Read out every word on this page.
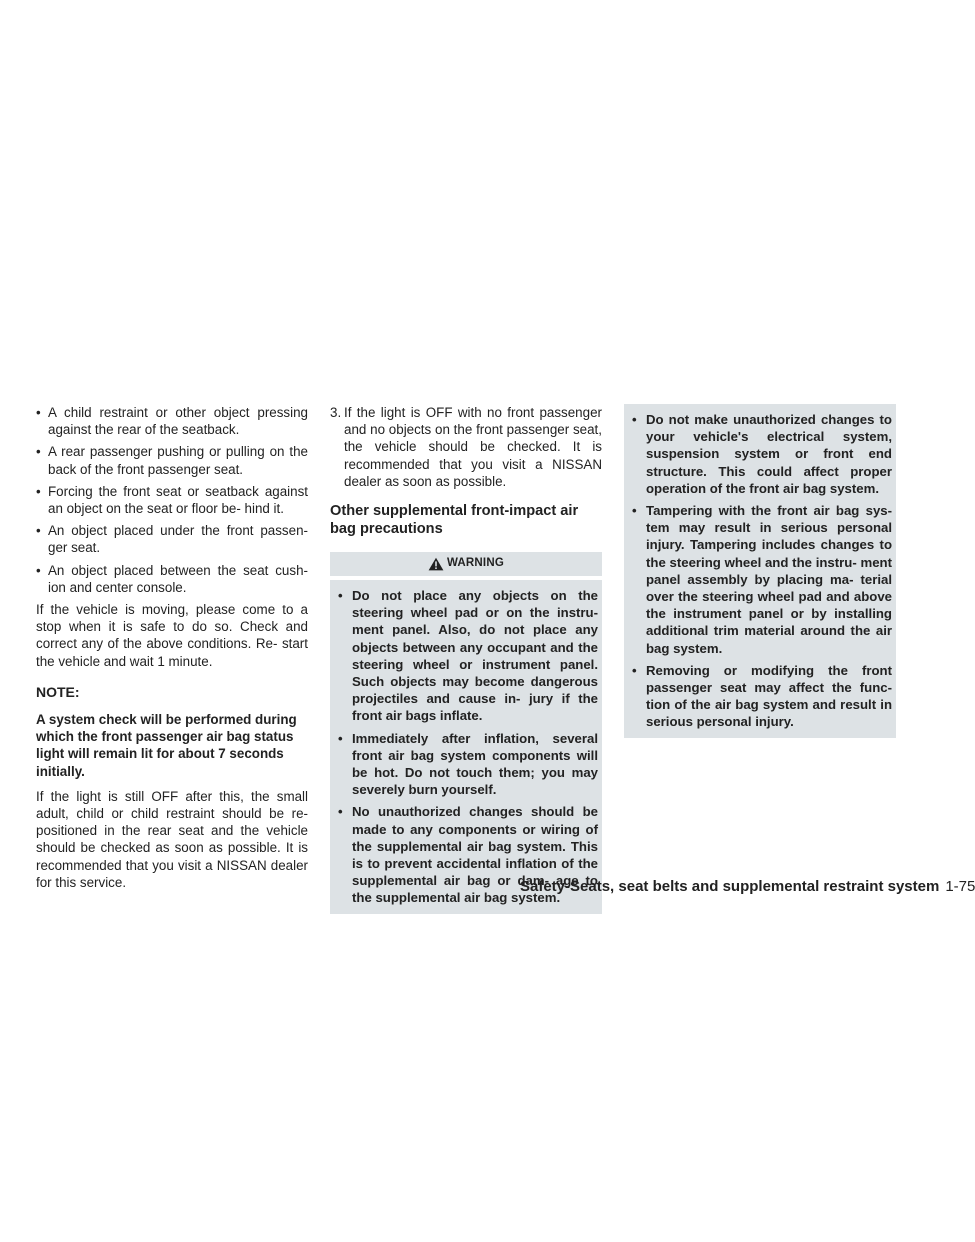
• A child restraint or other object pressing against the rear of the seatback.
• A rear passenger pushing or pulling on the back of the front passenger seat.
• Forcing the front seat or seatback against an object on the seat or floor be- hind it.
• An object placed under the front passen- ger seat.
• An object placed between the seat cush- ion and center console.

If the vehicle is moving, please come to a stop when it is safe to do so. Check and correct any of the above conditions. Re- start the vehicle and wait 1 minute.

NOTE:

A system check will be performed during which the front passenger air bag status light will remain lit for about 7 seconds initially.

If the light is still OFF after this, the small adult, child or child restraint should be re- positioned in the rear seat and the vehicle should be checked as soon as possible. It is recommended that you visit a NISSAN dealer for this service.

3. If the light is OFF with no front passenger and no objects on the front passenger seat, the vehicle should be checked. It is recommended that you visit a NISSAN dealer as soon as possible.
Other supplemental front-impact air bag precautions
WARNING
• Do not place any objects on the steering wheel pad or on the instru- ment panel. Also, do not place any objects between any occupant and the steering wheel or instrument panel. Such objects may become dangerous projectiles and cause in- jury if the front air bags inflate.
• Immediately after inflation, several front air bag system components will be hot. Do not touch them; you may severely burn yourself.
• No unauthorized changes should be made to any components or wiring of the supplemental air bag system. This is to prevent accidental inflation of the supplemental air bag or dam- age to the supplemental air bag system.
• Do not make unauthorized changes to your vehicle's electrical system, suspension system or front end structure. This could affect proper operation of the front air bag system.
• Tampering with the front air bag sys- tem may result in serious personal injury. Tampering includes changes to the steering wheel and the instru- ment panel assembly by placing ma- terial over the steering wheel pad and above the instrument panel or by installing additional trim material around the air bag system.
• Removing or modifying the front passenger seat may affect the func- tion of the air bag system and result in serious personal injury.
Safety-Seats, seat belts and supplemental restraint system 1-75
